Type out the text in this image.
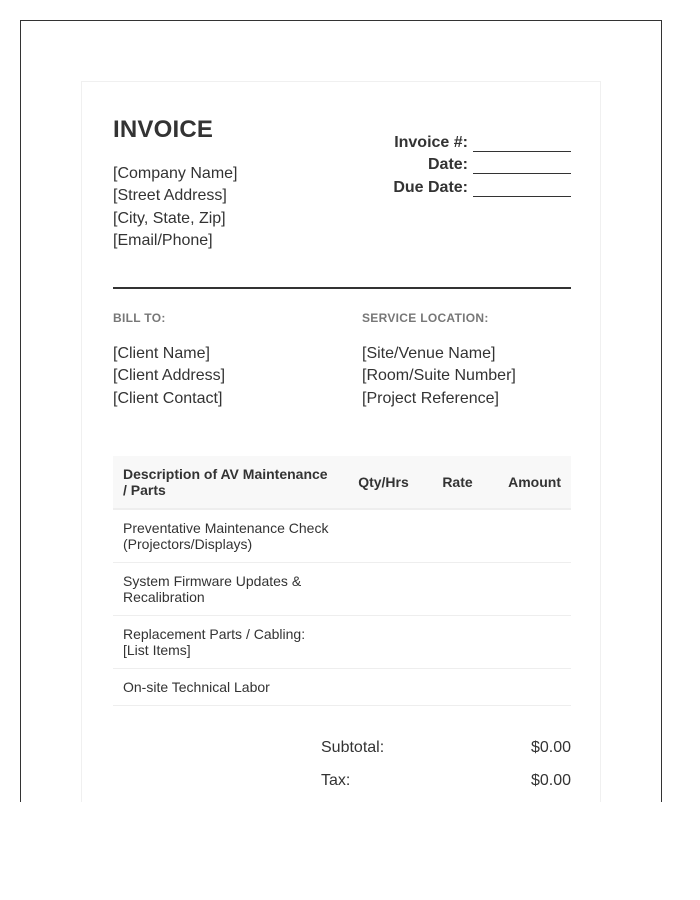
INVOICE
[Company Name]
[Street Address]
[City, State, Zip]
[Email/Phone]
Invoice #:
Date:
Due Date:
BILL TO:	SERVICE LOCATION:
[Client Name]
[Client Address]
[Client Contact]
[Site/Venue Name]
[Room/Suite Number]
[Project Reference]
Description of AV Maintenance / Parts	Qty/Hrs	Rate	Amount
Preventative Maintenance Check (Projectors/Displays)			
System Firmware Updates & Recalibration			
Replacement Parts / Cabling: [List Items]			
On-site Technical Labor			
Subtotal:	$0.00
Tax:	$0.00
